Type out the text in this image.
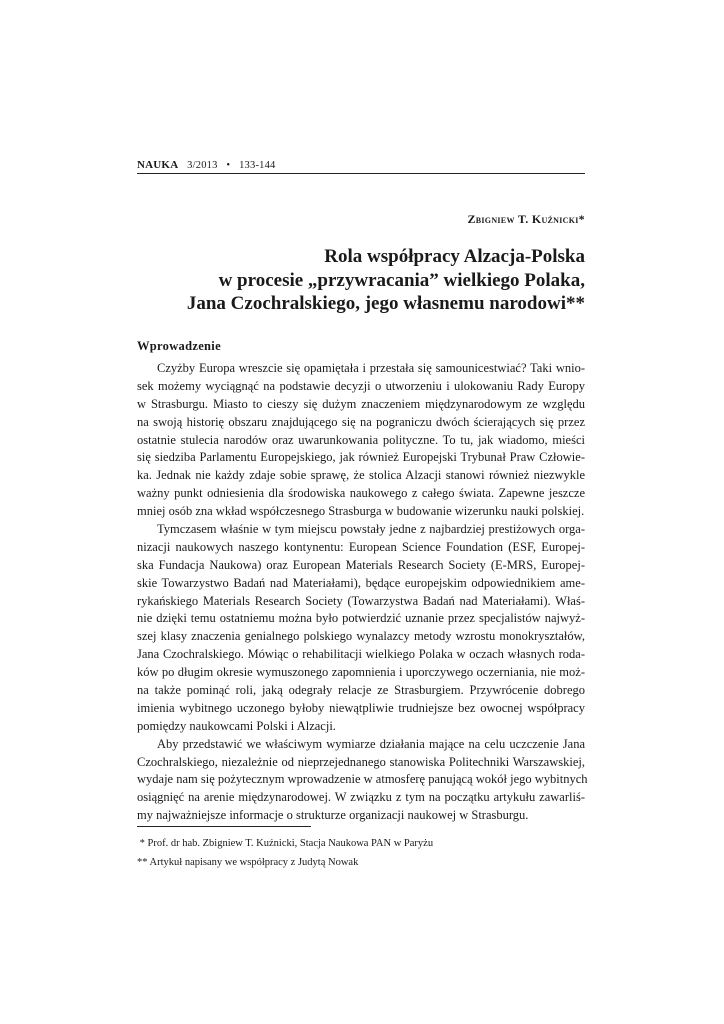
NAUKA 3/2013 • 133-144
Zbigniew T. Kuźnicki*
Rola współpracy Alzacja-Polska
w procesie „przywracania” wielkiego Polaka,
Jana Czochralskiego, jego własnemu narodowi**
Wprowadzenie
Czyżby Europa wreszcie się opamiętała i przestała się samounicestwiać? Taki wnio-
sek możemy wyciągnąć na podstawie decyzji o utworzeniu i ulokowaniu Rady Europy
w Strasburgu. Miasto to cieszy się dużym znaczeniem międzynarodowym ze względu
na swoją historię obszaru znajdującego się na pograniczu dwóch ścierających się przez
ostatnie stulecia narodów oraz uwarunkowania polityczne. To tu, jak wiadomo, mieści
się siedziba Parlamentu Europejskiego, jak również Europejski Trybunał Praw Człowie-
ka. Jednak nie każdy zdaje sobie sprawę, że stolica Alzacji stanowi również niezwykle
ważny punkt odniesienia dla środowiska naukowego z całego świata. Zapewne jeszcze
mniej osób zna wkład współczesnego Strasburga w budowanie wizerunku nauki polskiej.
Tymczasem właśnie w tym miejscu powstały jedne z najbardziej prestiżowych orga-
nizacji naukowych naszego kontynentu: European Science Foundation (ESF, Europej-
ska Fundacja Naukowa) oraz European Materials Research Society (E-MRS, Europej-
skie Towarzystwo Badań nad Materiałami), będące europejskim odpowiednikiem ame-
rykańskiego Materials Research Society (Towarzystwa Badań nad Materiałami). Właś-
nie dzięki temu ostatniemu można było potwierdzić uznanie przez specjalistów najwyż-
szej klasy znaczenia genialnego polskiego wynalazcy metody wzrostu monokryształów,
Jana Czochralskiego. Mówiąc o rehabilitacji wielkiego Polaka w oczach własnych roda-
ków po długim okresie wymuszonego zapomnienia i uporczywego oczerniania, nie moż-
na także pominąć roli, jaką odegrały relacje ze Strasburgiem. Przywrócenie dobrego
imienia wybitnego uczonego byłoby niewątpliwie trudniejsze bez owocnej współpracy
pomiędzy naukowcami Polski i Alzacji.
Aby przedstawić we właściwym wymiarze działania mające na celu uczczenie Jana
Czochralskiego, niezależnie od nieprzejednanego stanowiska Politechniki Warszawskiej,
wydaje nam się pożytecznym wprowadzenie w atmosferę panującą wokół jego wybitnych
osiągnięć na arenie międzynarodowej. W związku z tym na początku artykułu zawarliś-
my najważniejsze informacje o strukturze organizacji naukowej w Strasburgu.
* Prof. dr hab. Zbigniew T. Kuźnicki, Stacja Naukowa PAN w Paryżu
** Artykuł napisany we współpracy z Judytą Nowak
